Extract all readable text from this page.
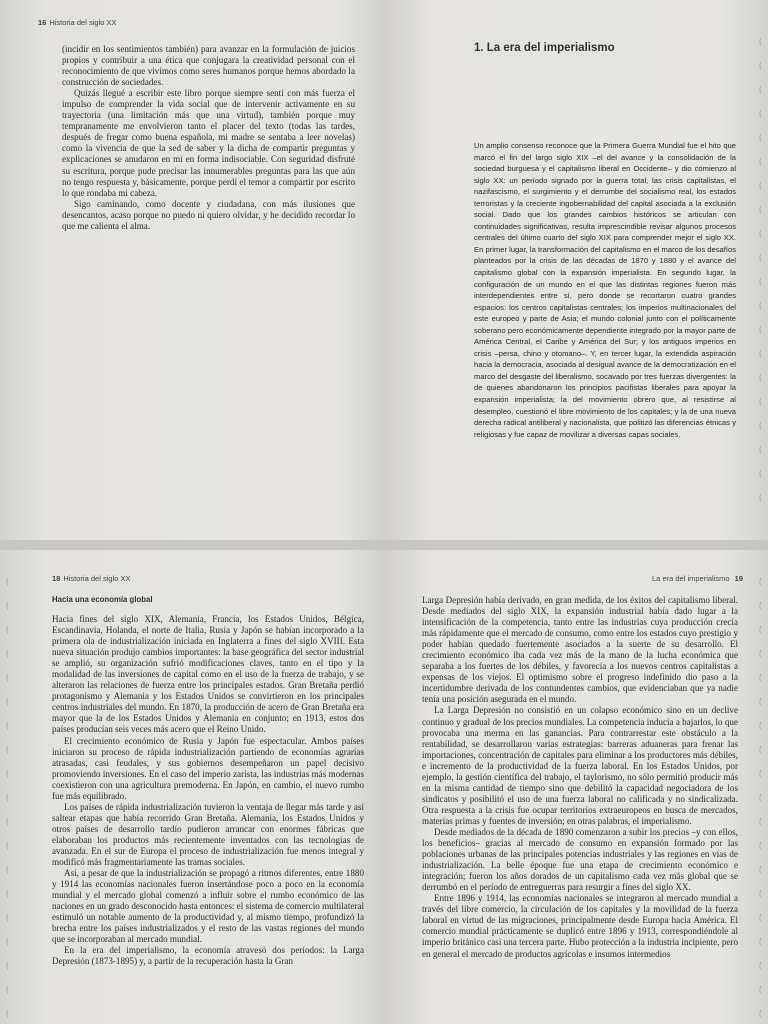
16 Historia del siglo XX

(incidir en los sentimientos también) para avanzar en la formulación de juicios propios y contribuir a una ética que conjugara la creatividad personal con el reconocimiento de que vivimos como seres humanos porque hemos abordado la construcción de sociedades.

Quizás llegué a escribir este libro porque siempre sentí con más fuerza el impulso de comprender la vida social que de intervenir activamente en su trayectoria (una limitación más que una virtud), también porque muy tempranamente me envolvieron tanto el placer del texto (todas las tardes, después de fregar como buena española, mi madre se sentaba a leer novelas) como la vivencia de que la sed de saber y la dicha de compartir preguntas y explicaciones se anudaron en mí en forma indisociable. Con seguridad disfruté su escritura, porque pude precisar las innumerables preguntas para las que aún no tengo respuesta y, básicamente, porque perdí el temor a compartir por escrito lo que rondaba mi cabeza.

Sigo caminando, como docente y ciudadana, con más ilusiones que desencantos, acaso porque no puedo ni quiero olvidar, y he decidido recordar lo que me calienta el alma.

1. La era del imperialismo

Un amplio consenso reconoce que la Primera Guerra Mundial fue el hito que marcó el fin del largo siglo XIX –el del avance y la consolidación de la sociedad burguesa y el capitalismo liberal en Occidente– y dio comienzo al siglo XX: un período signado por la guerra total, las crisis capitalistas, el nazifascismo, el surgimiento y el derrumbe del socialismo real, los estados terroristas y la creciente ingobernabilidad del capital asociada a la exclusión social. Dado que los grandes cambios históricos se articulan con continuidades significativas, resulta imprescindible revisar algunos procesos centrales del último cuarto del siglo XIX para comprender mejor el siglo XX. En primer lugar, la transformación del capitalismo en el marco de los desafíos planteados por la crisis de las décadas de 1870 y 1880 y el avance del capitalismo global con la expansión imperialista. En segundo lugar, la configuración de un mundo en el que las distintas regiones fueron más interdependientes entre sí, pero donde se recortaron cuatro grandes espacios: los centros capitalistas centrales; los imperios multinacionales del este europeo y parte de Asia; el mundo colonial junto con el políticamente soberano pero económicamente dependiente integrado por la mayor parte de América Central, el Caribe y América del Sur; y los antiguos imperios en crisis –persa, chino y otomano–. Y, en tercer lugar, la extendida aspiración hacia la democracia, asociada al desigual avance de la democratización en el marco del desgaste del liberalismo, socavado por tres fuerzas divergentes: la de quienes abandonaron los principios pacifistas liberales para apoyar la expansión imperialista; la del movimiento obrero que, al resistirse al desempleo, cuestionó el libre movimiento de los capitales; y la de una nueva derecha radical antiliberal y nacionalista, que politizó las diferencias étnicas y religiosas y fue capaz de movilizar a diversas capas sociales.

(
(
(
(
(
(
(
(
(
(
(
(
(
(
(
(
(
(
(
(
18 Historia del siglo XX
Hacia una economía global

Hacia fines del siglo XIX, Alemania, Francia, los Estados Unidos, Bélgica, Escandinavia, Holanda, el norte de Italia, Rusia y Japón se habían incorporado a la primera ola de industrialización iniciada en Inglaterra a fines del siglo XVIII. Esta nueva situación produjo cambios importantes: la base geográfica del sector industrial se amplió, su organización sufrió modificaciones claves, tanto en el tipo y la modalidad de las inversiones de capital como en el uso de la fuerza de trabajo, y se alteraron las relaciones de fuerza entre los principales estados. Gran Bretaña perdió protagonismo y Alemania y los Estados Unidos se convirtieron en los principales centros industriales del mundo. En 1870, la producción de acero de Gran Bretaña era mayor que la de los Estados Unidos y Alemania en conjunto; en 1913, estos dos países producían seis veces más acero que el Reino Unido.

El crecimiento económico de Rusia y Japón fue espectacular. Ambos países iniciaron su proceso de rápida industrialización partiendo de economías agrarias atrasadas, casi feudales, y sus gobiernos desempeñaron un papel decisivo promoviendo inversiones. En el caso del imperio zarista, las industrias más modernas coexistieron con una agricultura premoderna. En Japón, en cambio, el nuevo rumbo fue más equilibrado.

Los países de rápida industrialización tuvieron la ventaja de llegar más tarde y así saltear etapas que había recorrido Gran Bretaña. Alemania, los Estados Unidos y otros países de desarrollo tardío pudieron arrancar con enormes fábricas que elaboraban los productos más recientemente inventados con las tecnologías de avanzada. En el sur de Europa el proceso de industrialización fue menos integral y modificó más fragmentariamente las tramas sociales.

Así, a pesar de que la industrialización se propagó a ritmos diferentes, entre 1880 y 1914 las economías nacionales fueron insertándose poco a poco en la economía mundial y el mercado global comenzó a influir sobre el rumbo económico de las naciones en un grado desconocido hasta entonces: el sistema de comercio multilateral estimuló un notable aumento de la productividad y, al mismo tiempo, profundizó la brecha entre los países industrializados y el resto de las vastas regiones del mundo que se incorporaban al mercado mundial.

En la era del imperialismo, la economía atravesó dos períodos: la Larga Depresión (1873-1895) y, a partir de la recuperación hasta la Gran

(
(
(
(
(
(
(
(
(
(
(
(
(
(
(
(
(
(
(
La era del imperialismo 19

Larga Depresión había derivado, en gran medida, de los éxitos del capitalismo liberal. Desde mediados del siglo XIX, la expansión industrial había dado lugar a la intensificación de la competencia, tanto entre las industrias cuya producción crecía más rápidamente que el mercado de consumo, como entre los estados cuyo prestigio y poder habían quedado fuertemente asociados a la suerte de su desarrollo. El crecimiento económico iba cada vez más de la mano de la lucha económica que separaba a los fuertes de los débiles, y favorecía a los nuevos centros capitalistas a expensas de los viejos. El optimismo sobre el progreso indefinido dio paso a la incertidumbre derivada de los contundentes cambios, que evidenciaban que ya nadie tenía una posición asegurada en el mundo.

La Larga Depresión no consistió en un colapso económico sino en un declive continuo y gradual de los precios mundiales. La competencia inducía a bajarlos, lo que provocaba una merma en las ganancias. Para contrarrestar este obstáculo a la rentabilidad, se desarrollaron varias estrategias: barreras aduaneras para frenar las importaciones, concentración de capitales para eliminar a los productores más débiles, e incremento de la productividad de la fuerza laboral. En los Estados Unidos, por ejemplo, la gestión científica del trabajo, el taylorismo, no sólo permitió producir más en la misma cantidad de tiempo sino que debilitó la capacidad negociadora de los sindicatos y posibilitó el uso de una fuerza laboral no calificada y no sindicalizada. Otra respuesta a la crisis fue ocupar territorios extraeuropeos en busca de mercados, materias primas y fuentes de inversión; en otras palabras, el imperialismo.

Desde mediados de la década de 1890 comenzaron a subir los precios –y con ellos, los beneficios– gracias al mercado de consumo en expansión formado por las poblaciones urbanas de las principales potencias industriales y las regiones en vías de industrialización. La belle époque fue una etapa de crecimiento económico e integración; fueron los años dorados de un capitalismo cada vez más global que se derrumbó en el período de entreguerras para resurgir a fines del siglo XX.

Entre 1896 y 1914, las economías nacionales se integraron al mercado mundial a través del libre comercio, la circulación de los capitales y la movilidad de la fuerza laboral en virtud de las migraciones, principalmente desde Europa hacia América. El comercio mundial prácticamente se duplicó entre 1896 y 1913, correspondiéndole al imperio británico casi una tercera parte. Hubo protección a la industria incipiente, pero en general el mercado de productos agrícolas e insumos intermedios

(
(
(
(
(
(
(
(
(
(
(
(
(
(
(
(
(
(
(
